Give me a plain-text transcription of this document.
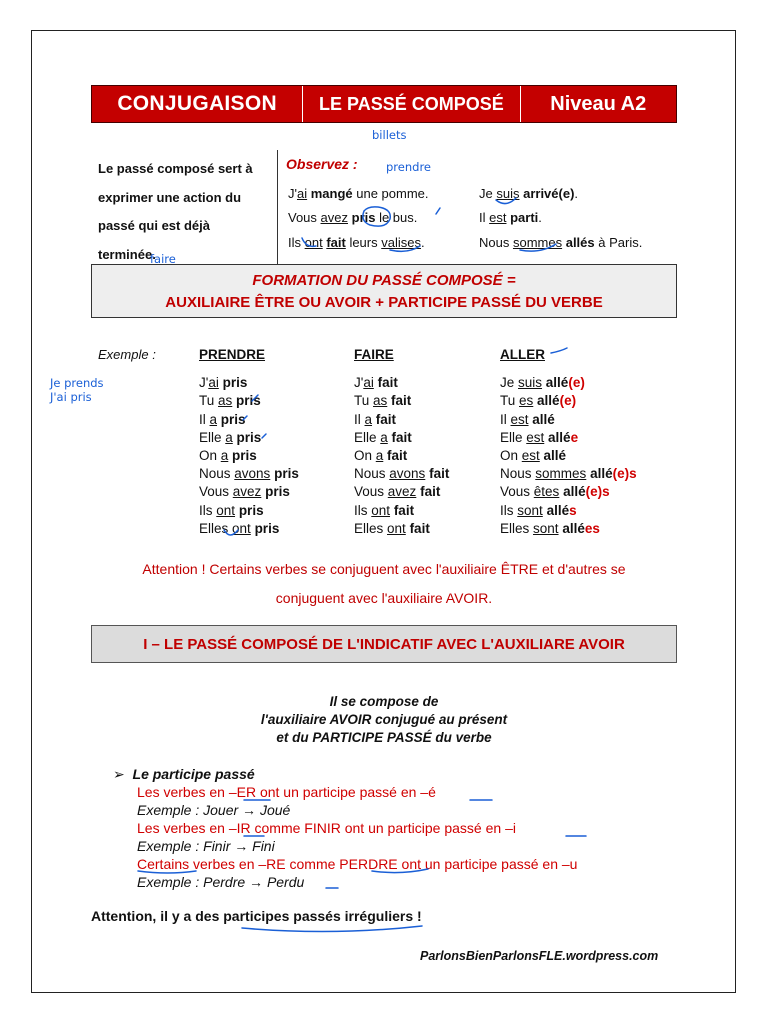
CONJUGAISON	LE PASSÉ COMPOSÉ	Niveau A2
billets

Le passé composé sert à exprimer une action du passé qui est déjà terminée.

Observez : prendre
faire
J'ai mangé une pomme.
Vous avez pris le bus.
Ils ont fait leurs valises.
Je suis arrivé(e).
Il est parti.
Nous sommes allés à Paris.
FORMATION DU PASSÉ COMPOSÉ =
AUXILIAIRE ÊTRE OU AVOIR + PARTICIPE PASSÉ DU VERBE
Exemple :
Je prends
J'ai pris
PRENDRE
J'ai pris
Tu as pris
Il a pris
Elle a pris
On a pris
Nous avons pris
Vous avez pris
Ils ont pris
Elles ont pris
FAIRE
J'ai fait
Tu as fait
Il a fait
Elle a fait
On a fait
Nous avons fait
Vous avez fait
Ils ont fait
Elles ont fait
ALLER
Je suis allé(e)
Tu es allé(e)
Il est allé
Elle est allée
On est allé
Nous sommes allé(e)s
Vous êtes allé(e)s
Ils sont allés
Elles sont allées
Attention ! Certains verbes se conjuguent avec l'auxiliaire ÊTRE et d'autres se
conjuguent avec l'auxiliaire AVOIR.
I – LE PASSÉ COMPOSÉ DE L'INDICATIF AVEC L'AUXILIARE AVOIR
Il se compose de
l'auxiliaire AVOIR conjugué au présent
et du PARTICIPE PASSÉ du verbe
➢ Le participe passé
Les verbes en –ER ont un participe passé en –é
Exemple : Jouer → Joué
Les verbes en –IR comme FINIR ont un participe passé en –i
Exemple : Finir → Fini
Certains verbes en –RE comme PERDRE ont un participe passé en –u
Exemple : Perdre → Perdu
Attention, il y a des participes passés irréguliers !
ParlonsBienParlonsFLE.wordpress.com
